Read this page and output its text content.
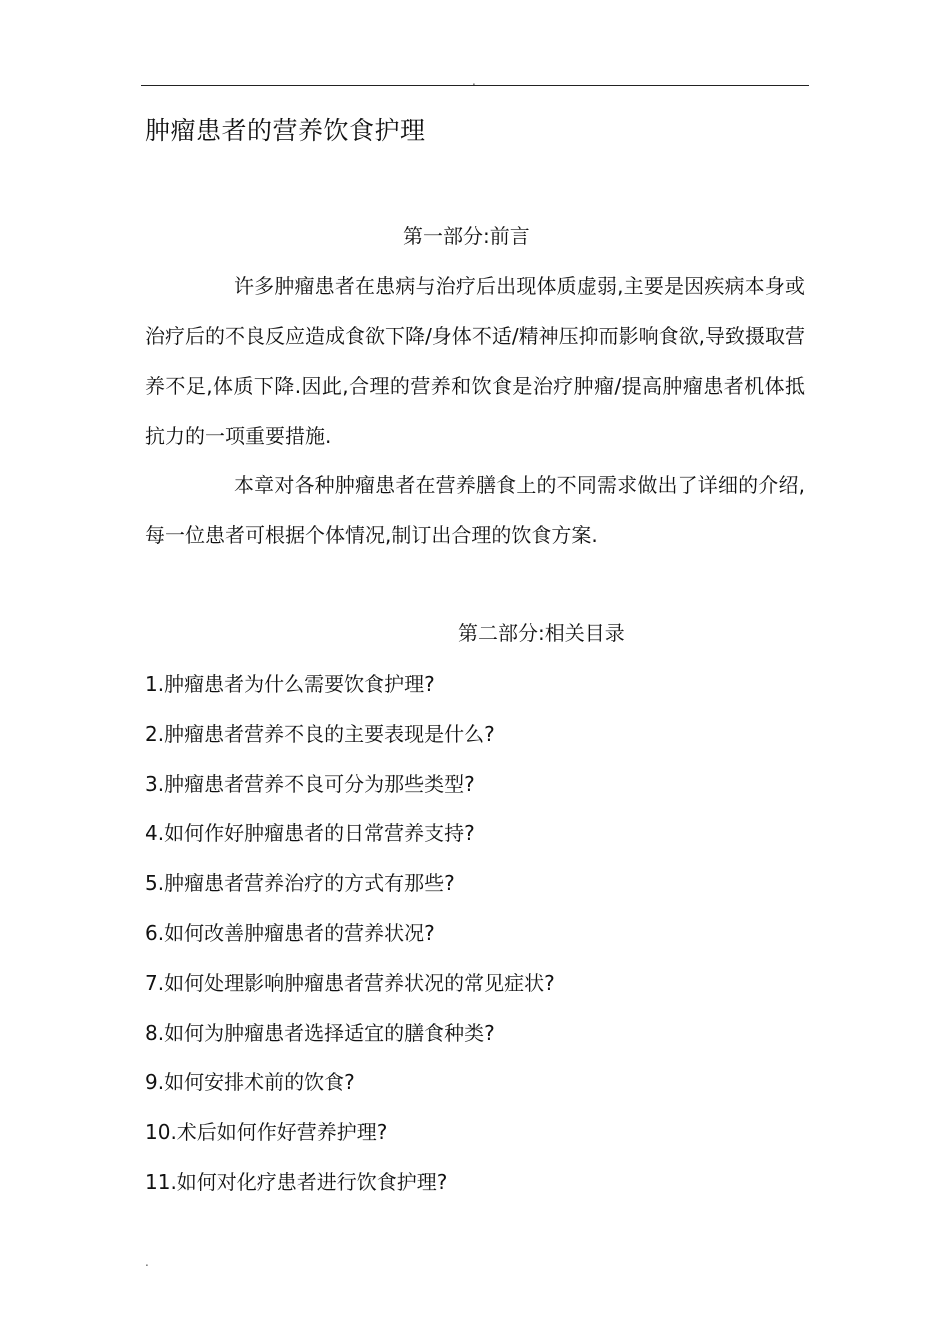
.
肿瘤患者的营养饮食护理
第一部分:前言

许多肿瘤患者在患病与治疗后出现体质虚弱,主要是因疾病本身或治疗后的不良反应造成食欲下降/身体不适/精神压抑而影响食欲,导致摄取营养不足,体质下降.因此,合理的营养和饮食是治疗肿瘤/提高肿瘤患者机体抵抗力的一项重要措施.

本章对各种肿瘤患者在营养膳食上的不同需求做出了详细的介绍,每一位患者可根据个体情况,制订出合理的饮食方案.

第二部分:相关目录
1.肿瘤患者为什么需要饮食护理?
2.肿瘤患者营养不良的主要表现是什么?
3.肿瘤患者营养不良可分为那些类型?
4.如何作好肿瘤患者的日常营养支持?
5.肿瘤患者营养治疗的方式有那些?
6.如何改善肿瘤患者的营养状况?
7.如何处理影响肿瘤患者营养状况的常见症状?
8.如何为肿瘤患者选择适宜的膳食种类?
9.如何安排术前的饮食?
10.术后如何作好营养护理?
11.如何对化疗患者进行饮食护理?
.
